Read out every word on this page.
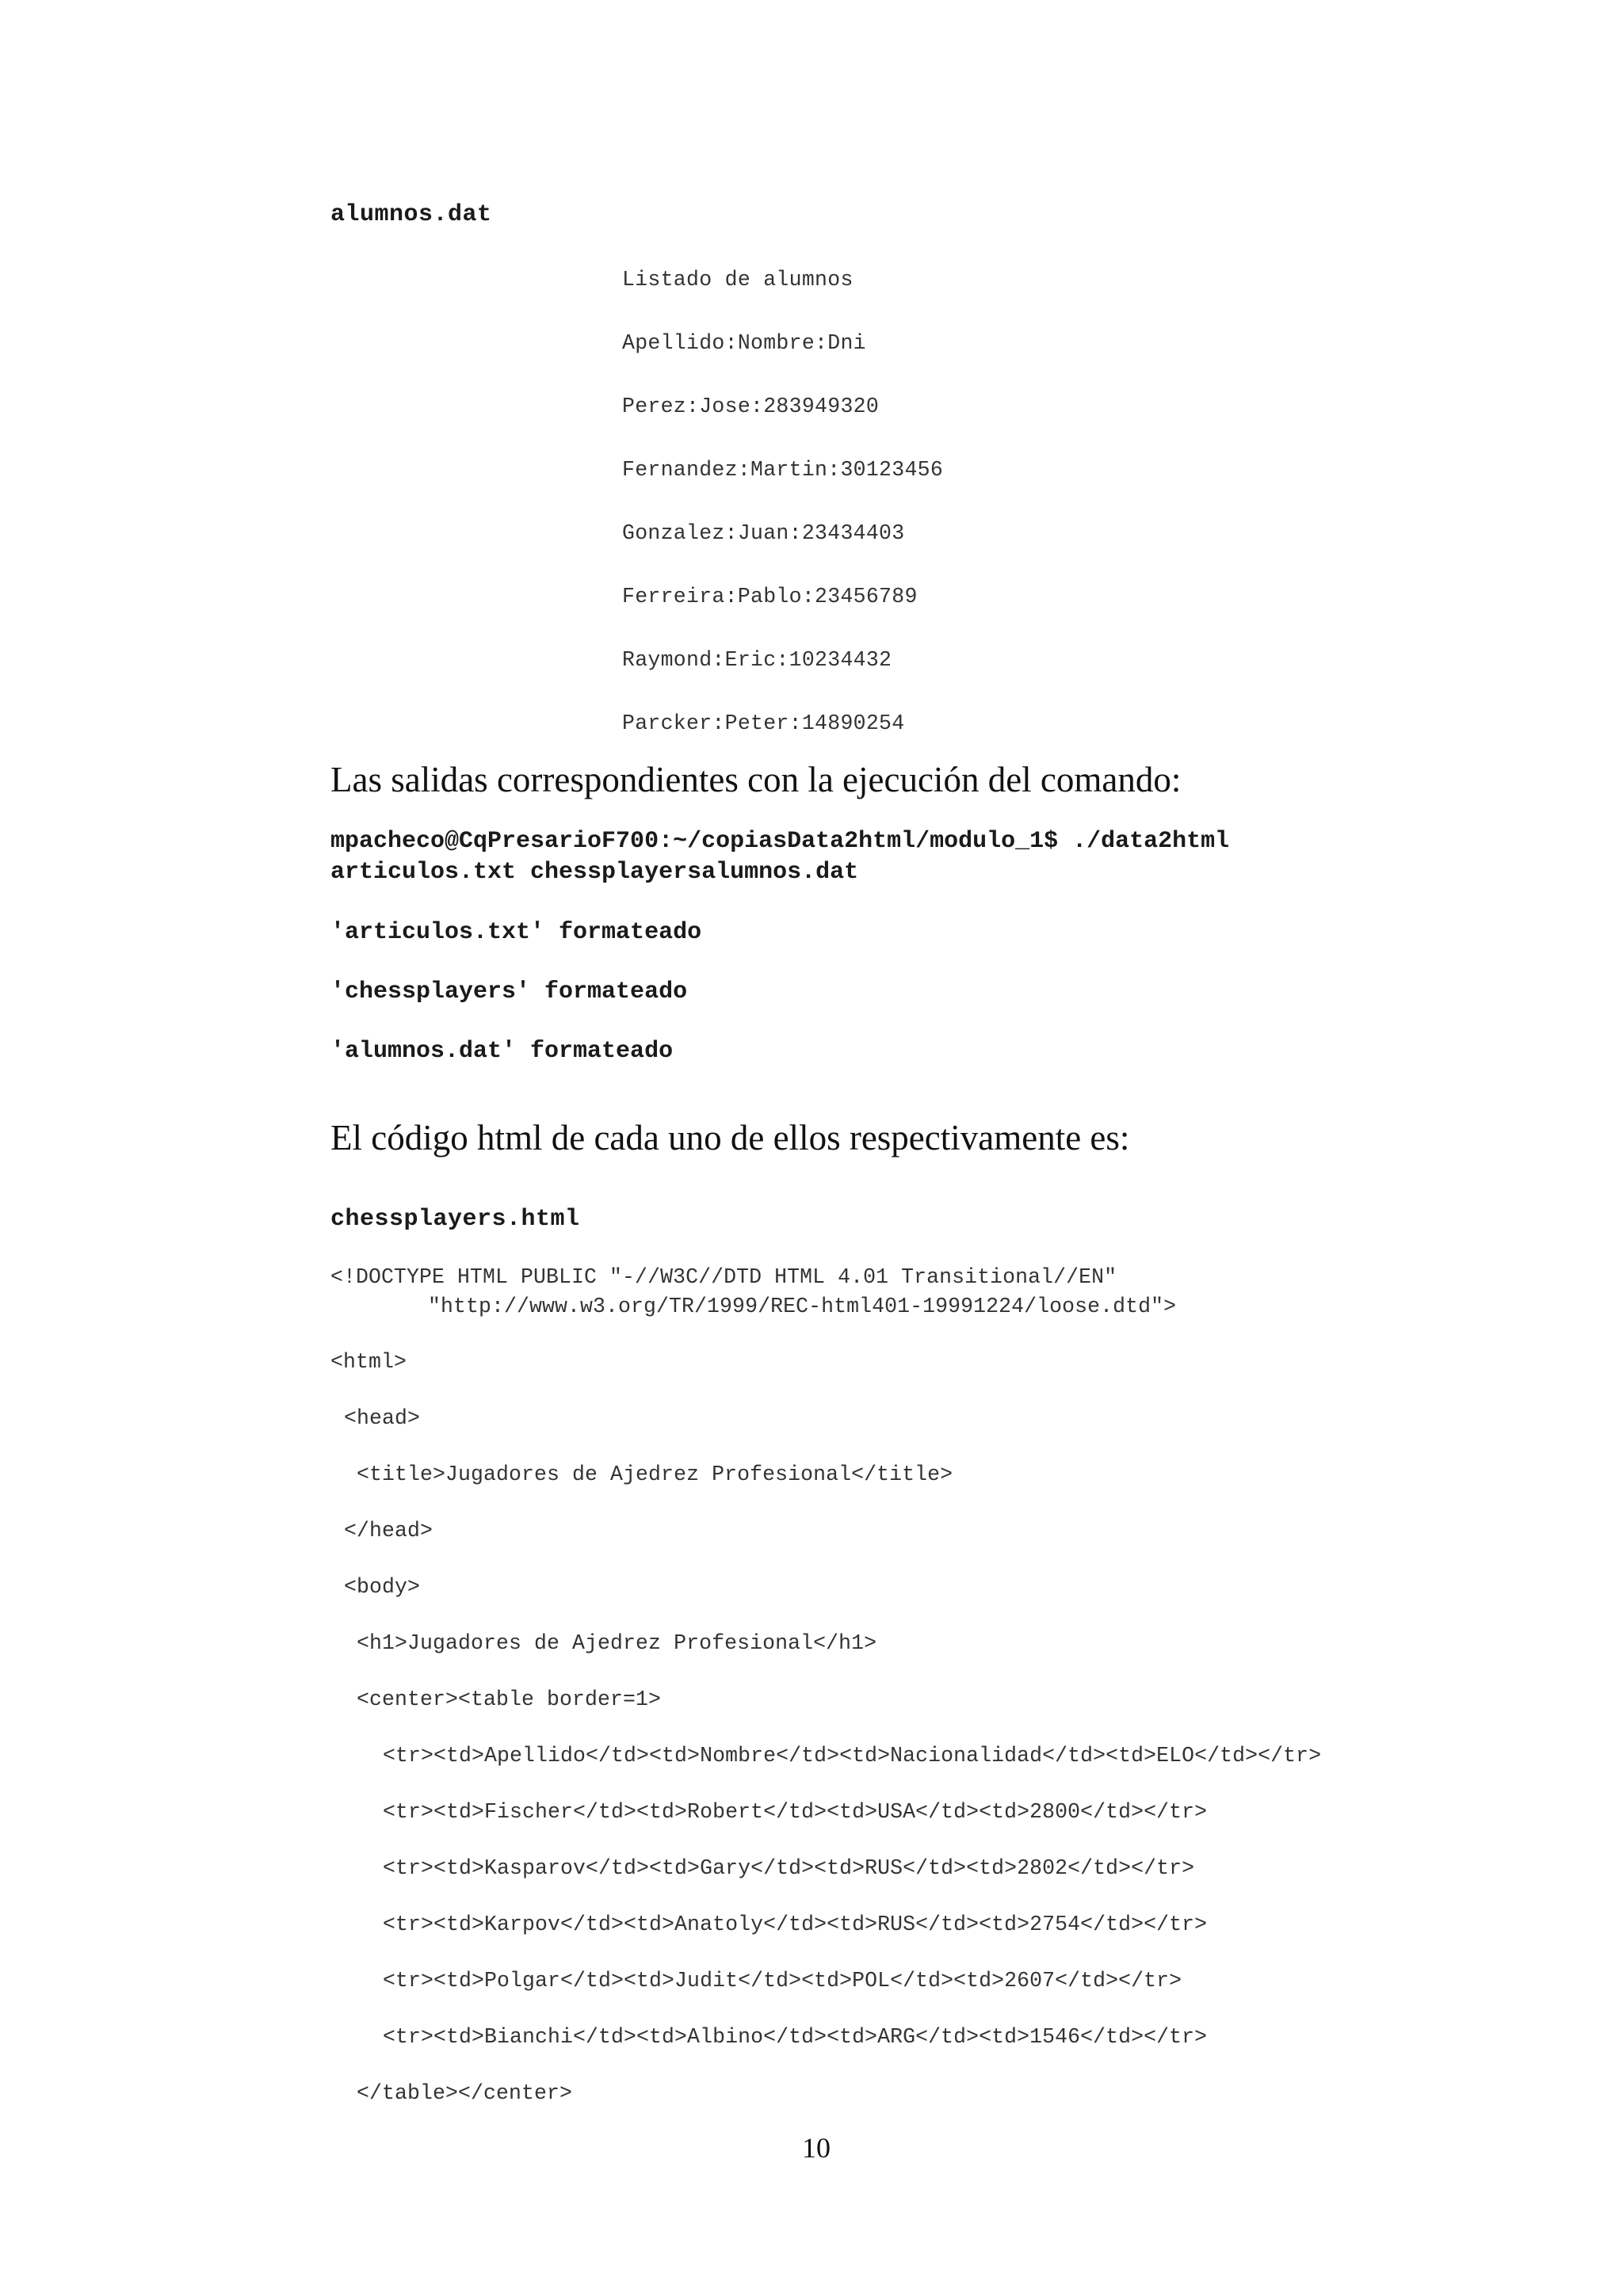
alumnos.dat
Listado de alumnos
Apellido:Nombre:Dni
Perez:Jose:283949320
Fernandez:Martin:30123456
Gonzalez:Juan:23434403
Ferreira:Pablo:23456789
Raymond:Eric:10234432
Parcker:Peter:14890254
Las salidas correspondientes con la ejecución del comando:
mpacheco@CqPresarioF700:~/copiasData2html/modulo_1$ ./data2html
articulos.txt chessplayersalumnos.dat
'articulos.txt' formateado
'chessplayers' formateado
'alumnos.dat' formateado
El código html de cada uno de ellos respectivamente es:
chessplayers.html
<!DOCTYPE HTML PUBLIC "-//W3C//DTD HTML 4.01 Transitional//EN"
"http://www.w3.org/TR/1999/REC-html401-19991224/loose.dtd">
<html>
<head>
<title>Jugadores de Ajedrez Profesional</title>
</head>
<body>
<h1>Jugadores de Ajedrez Profesional</h1>
<center><table border=1>
<tr><td>Apellido</td><td>Nombre</td><td>Nacionalidad</td><td>ELO</td></tr>
<tr><td>Fischer</td><td>Robert</td><td>USA</td><td>2800</td></tr>
<tr><td>Kasparov</td><td>Gary</td><td>RUS</td><td>2802</td></tr>
<tr><td>Karpov</td><td>Anatoly</td><td>RUS</td><td>2754</td></tr>
<tr><td>Polgar</td><td>Judit</td><td>POL</td><td>2607</td></tr>
<tr><td>Bianchi</td><td>Albino</td><td>ARG</td><td>1546</td></tr>
</table></center>
10
